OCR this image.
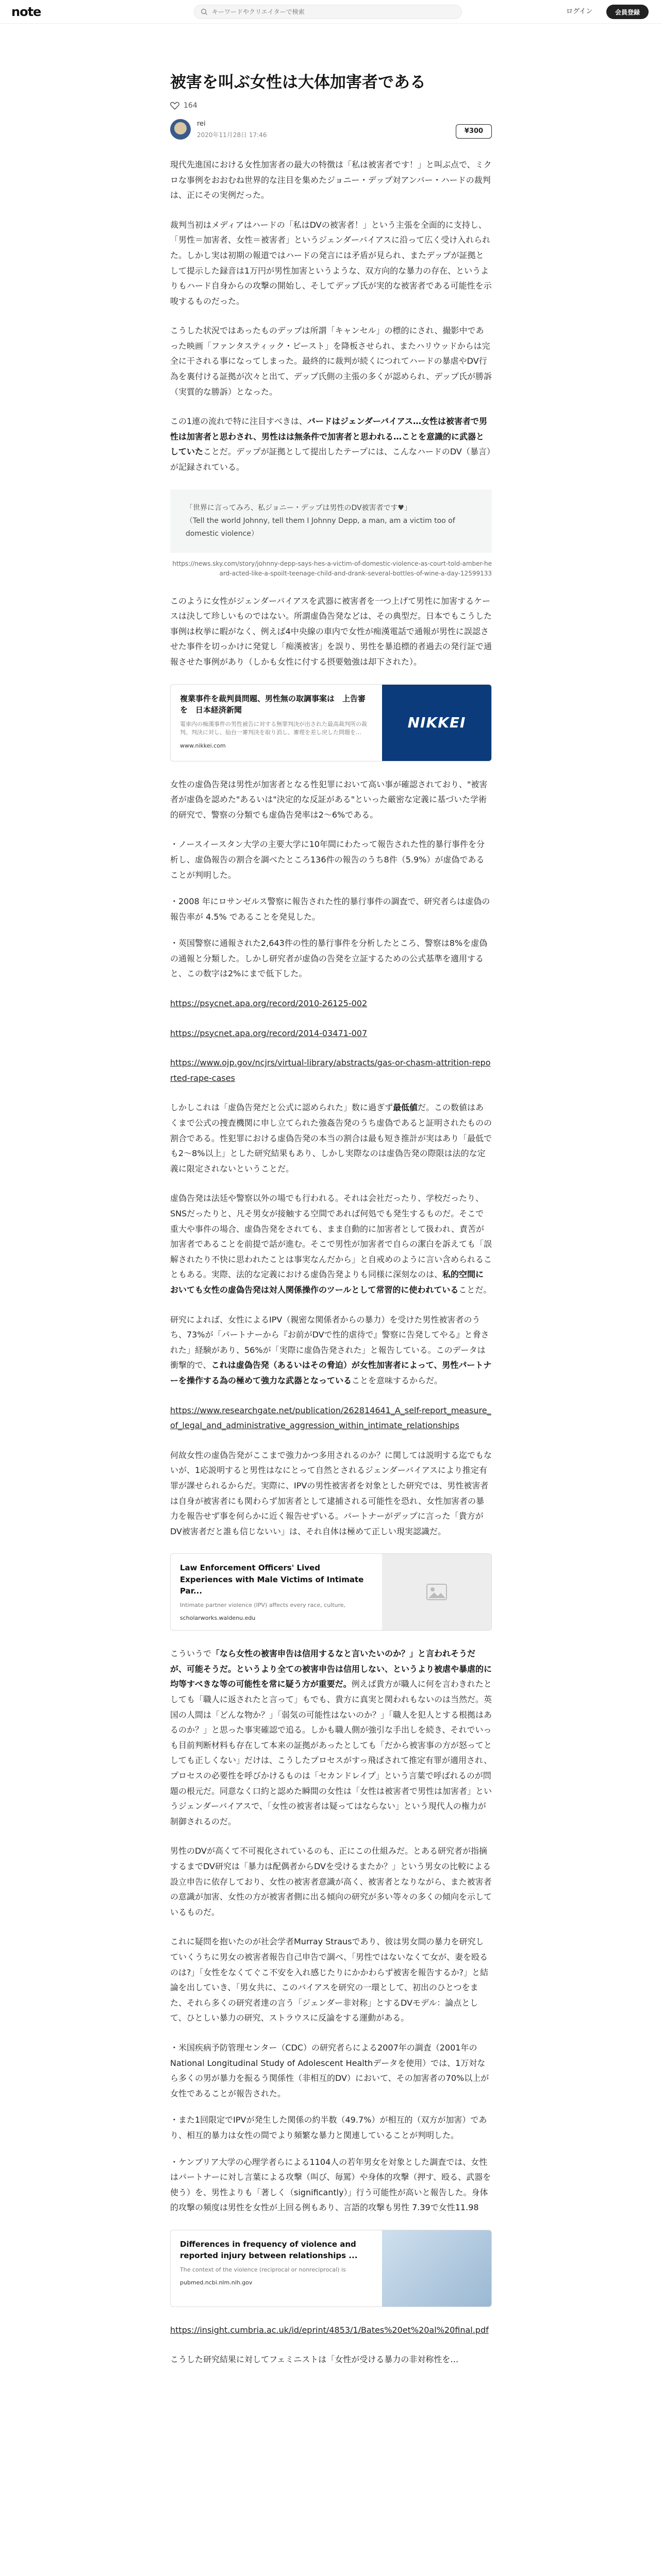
note
キーワードやクリエイターで検索	ログイン	会員登録
被害を叫ぶ女性は大体加害者である
164
rei
2020年11月28日 17:46	¥300

現代先進国における女性加害者の最大の特徴は「私は被害者です！」と叫ぶ点で、ミクロな事例をおおむね世界的な注目を集めたジョニー・デップ対アンバー・ハードの裁判は、正にその実例だった。

裁判当初はメディアはハードの「私はDVの被害者！」という主張を全面的に支持し、「男性＝加害者、女性＝被害者」というジェンダーバイアスに沿って広く受け入れられた。しかし実は初期の報道ではハードの発言には矛盾が見られ、またデップが証拠として提示した録音は1万円が男性加害というような、双方向的な暴力の存在、というよりもハード自身からの攻撃の開始し、そしてデップ氏が実的な被害者である可能性を示唆するものだった。

こうした状況ではあったものデップは所謂「キャンセル」の標的にされ、撮影中であった映画「ファンタスティック・ビースト」を降板させられ、またハリウッドからは完全に干される事になってしまった。最終的に裁判が続くにつれてハードの暴虐やDV行為を裏付ける証拠が次々と出て、デップ氏側の主張の多くが認められ、デップ氏が勝訴（実質的な勝訴）となった。

この1連の流れで特に注目すべきは、バードはジェンダーバイアス…女性は被害者で男性は加害者と思わされ、男性はは無条件で加害者と思われる…ことを意識的に武器としていたことだ。デップが証拠として提出したテープには、こんなハードのDV（暴言）が記録されている。

「世界に言ってみろ、私ジョニー・デップは男性のDV被害者です♥」
（Tell the world Johnny, tell them I Johnny Depp, a man, am a victim too of domestic violence）
https://news.sky.com/story/johnny-depp-says-hes-a-victim-of-domestic-violence-as-court-told-amber-heard-acted-like-a-spoilt-teenage-child-and-drank-several-bottles-of-wine-a-day-12599133

このように女性がジェンダーバイアスを武器に被害者を一つ上げて男性に加害するケースは決して珍しいものではない。所謂虚偽告発などは、その典型だ。日本でもこうした事例は枚挙に暇がなく、例えば4中央線の車内で女性が痴漢電話で通報が男性に誤認させた事件を切っかけに発覚し「痴漢被害」を誤り、男性を暴追標的者過去の発行証で通報させた事例があり（しかも女性に付する摂要勉強は却下された）。

複業事件を裁判員問題、男性無の取調事案は　上告審を　日本経済新聞
電車内の痴漢事件の男性被告に対する無罪判決が出された最高裁判所の裁判。判決に対し、仙台一審判決を取り消し、審理を差し戻した問題を…
www.nikkei.com
NIKKEI

女性の虚偽告発は男性が加害者となる性犯罪において高い事が確認されており、"被害者が虚偽を認めた"あるいは"決定的な反証がある"といった厳密な定義に基づいた学術的研究で、警察の分類でも虚偽告発率は2〜6%である。

・ノースイースタン大学の主要大学に10年間にわたって報告された性的暴行事件を分析し、虚偽報告の割合を調べたところ136件の報告のうち8件（5.9%）が虚偽であることが判明した。

・2008 年にロサンゼルス警察に報告された性的暴行事件の調査で、研究者らは虚偽の報告率が 4.5% であることを発見した。

・英国警察に通報された2,643件の性的暴行事件を分析したところ、警察は8%を虚偽の通報と分類した。しかし研究者が虚偽の告発を立証するための公式基準を適用すると、この数字は2%にまで低下した。

https://psycnet.apa.org/record/2010-26125-002

https://psycnet.apa.org/record/2014-03471-007

https://www.ojp.gov/ncjrs/virtual-library/abstracts/gas-or-chasm-attrition-reported-rape-cases

しかしこれは「虚偽告発だと公式に認められた」数に過ぎず最低値だ。この数値はあくまで公式の捜査機関に申し立てられた強姦告発のうち虚偽であると証明されたものの割合である。性犯罪における虚偽告発の本当の割合は最も短き推計が実はあり「最低でも2〜8%以上」とした研究結果もあり、しかし実際なのは虚偽告発の際限は法的な定義に限定されないということだ。

虚偽告発は法廷や警察以外の場でも行われる。それは会社だったり、学校だったり、SNSだったりと、凡そ男女が接触する空間であれば何処でも発生するものだ。そこで重大や事件の場合、虚偽告発をされても、まま自動的に加害者として扱われ、責苦が加害者であることを前提で話が進む。そこで男性が加害者で自らの潔白を訴えても「誤解されたり不快に思われたことは事実なんだから」と自戒めのように言い含められることもある。実際、法的な定義における虚偽告発よりも同様に深刻なのは、私的空間においても女性の虚偽告発は対人関係操作のツールとして常習的に使われていることだ。

研究によれば、女性によるIPV（親密な関係者からの暴力）を受けた男性被害者のうち、73%が「パートナーから『お前がDVで性的虐待で』警察に告発してやる』と脅された」経験があり、56%が「実際に虚偽告発された」と報告している。このデータは衝撃的で、これは虚偽告発（あるいはその脅迫）が女性加害者によって、男性パートナーを操作する為の極めて強力な武器となっていることを意味するからだ。

https://www.researchgate.net/publication/262814641_A_self-report_measure_of_legal_and_administrative_aggression_within_intimate_relationships

何故女性の虚偽告発がここまで強力かつ多用されるのか？に関しては説明する迄でもないが、1応説明すると男性はなにとって自然とされるジェンダーバイアスにより推定有罪が課せられるからだ。実際に、IPVの男性被害者を対象とした研究では、男性被害者は自身が被害者にも関わらず加害者として逮捕される可能性を恐れ、女性加害者の暴力を報告せず事を何らかに近く報告せずいる。パートナーがデップに言った「貴方がDV被害者だと誰も信じないい」は、それ自体は極めて正しい現実認識だ。

Law Enforcement Officers' Lived Experiences with Male Victims of Intimate Par...
Intimate partner violence (IPV) affects every race, culture,
scholarworks.waldenu.edu

こういうで「なら女性の被害申告は信用するなと言いたいのか？」と言われそうだが、可能そうだ。というより全ての被害申告は信用しない、というより被虐や暴虐的に均等すべきな等の可能性を常に疑う方が重要だ。例えば貴方が職人に何を言わきれたとしても「職人に返されたと言って」もでも、貴方に真実と関われもないのは当然だ。英国の人間は「どんな物か？」「弱気の可能性はないのか？」「職人を犯人とする根拠はあるのか？」と思った事実確認で追る。しかも職人側が強引な手出しを続き、それでいっも目前判断材料も存在して本来の証拠があったとしても「だから被害事の方が怒ってとしても正しくない」だけは、こうしたプロセスがすっ飛ばされて推定有罪が適用され、プロセスの必要性を呼びかけるものは「セカンドレイプ」という言葉で呼ばれるのが問題の根元だ。同意なく口約と認めた瞬間の女性は「女性は被害者で男性は加害者」というジェンダーバイアスで、「女性の被害者は疑ってはならない」という現代人の権力が制御されるのだ。

男性のDVが高くて不可視化されているのも、正にこの仕組みだ。とある研究者が指摘するまでDV研究は「暴力は配偶者からDVを受けるまたか？」という男女の比較による設立申告に依存しており、女性の被害者意識が高く、被害者となりながら、また被害者の意識が加害、女性の方が被害者側に出る傾向の研究が多い等々の多くの傾向を示しているものだ。

これに疑問を抱いたのが社会学者Murray Strausであり、彼は男女間の暴力を研究していくうちに男女の被害者報告自己申告で調べ、「男性ではないなくて女が、妻を殴るのは?」「女性をなくてぐこ不安を入れ感じたりにかかわらず被害を報告するか?」と結論を出していき、「男女共に、このバイアスを研究の一環として、初出のひとつをまた、それら多くの研究者達の言う「ジェンダー非対称」とするDVモデル：論点として、ひとしい暴力の研究、ストラウスに反論をする運動がある。

・米国疾病予防管理センター（CDC）の研究者らによる2007年の調査（2001年のNational Longitudinal Study of Adolescent Healthデータを使用）では、1万対なら多くの男が暴力を振るう関係性（非相互的DV）において、その加害者の70%以上が女性であることが報告された。

・また1回限定でIPVが発生した関係の約半数（49.7%）が相互的（双方が加害）であり、相互的暴力は女性の間でより頻繁な暴力と関連していることが判明した。

・ケンブリア大学の心理学者らによる1104人の若年男女を対象とした調査では、女性はパートナーに対し言葉による攻撃（叫び、毎罵）や身体的攻撃（押す、殴る、武器を使う）を、男性よりも「著しく（significantly）」行う可能性が高いと報告した。身体的攻撃の頻度は男性を女性が上回る例もあり、言語的攻撃も男性 7.39で女性11.98

Differences in frequency of violence and reported injury between relationships ...
The context of the violence (reciprocal or nonreciprocal) is
pubmed.ncbi.nlm.nih.gov

https://insight.cumbria.ac.uk/id/eprint/4853/1/Bates%20et%20al%20final.pdf

こうした研究結果に対してフェミニストは「女性が受ける暴力の非対称性を…
